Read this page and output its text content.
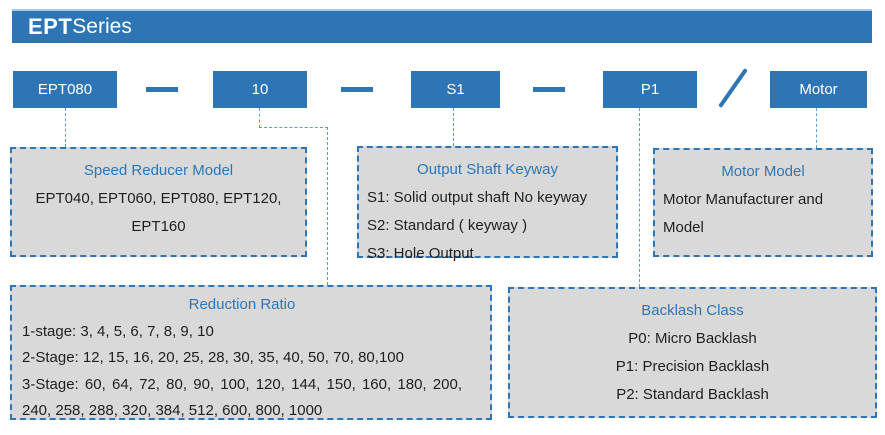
EPT Series
EPT080	10	S1	P1	Motor
Speed Reducer Model
EPT040, EPT060, EPT080, EPT120,
EPT160
Output Shaft Keyway
S1: Solid output shaft No keyway
S2: Standard ( keyway )
S3: Hole Output
Motor Model
Motor Manufacturer and
Model
Reduction Ratio
1-stage: 3, 4, 5, 6, 7, 8, 9, 10
2-Stage: 12, 15, 16, 20, 25, 28, 30, 35, 40, 50, 70, 80,100
3-Stage: 60, 64, 72, 80, 90, 100, 120, 144, 150, 160, 180, 200, 240, 258, 288, 320, 384, 512, 600, 800, 1000
Backlash Class
P0: Micro Backlash
P1: Precision Backlash
P2: Standard Backlash
